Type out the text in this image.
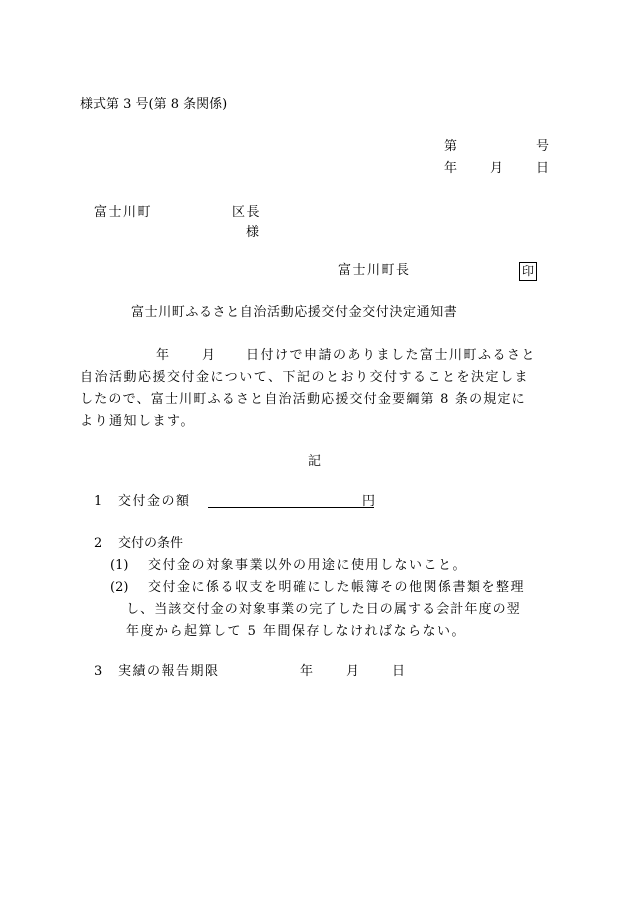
様式第 3 号(第 8 条関係)
第	号
年	月	日
富士川町	区長
様
富士川町長	印
富士川町ふるさと自治活動応援交付金交付決定通知書
年	月 日付けで申請のありました富士川町ふるさと
自治活動応援交付金について、下記のとおり交付することを決定しま
したので、富士川町ふるさと自治活動応援交付金要綱第 8 条の規定に
より通知します。
記
1 交付金の額	円
2 交付の条件
(1) 交付金の対象事業以外の用途に使用しないこと。
(2) 交付金に係る収支を明確にした帳簿その他関係書類を整理
し、当該交付金の対象事業の完了した日の属する会計年度の翌
年度から起算して 5 年間保存しなければならない。
3 実績の報告期限	年	月	日
